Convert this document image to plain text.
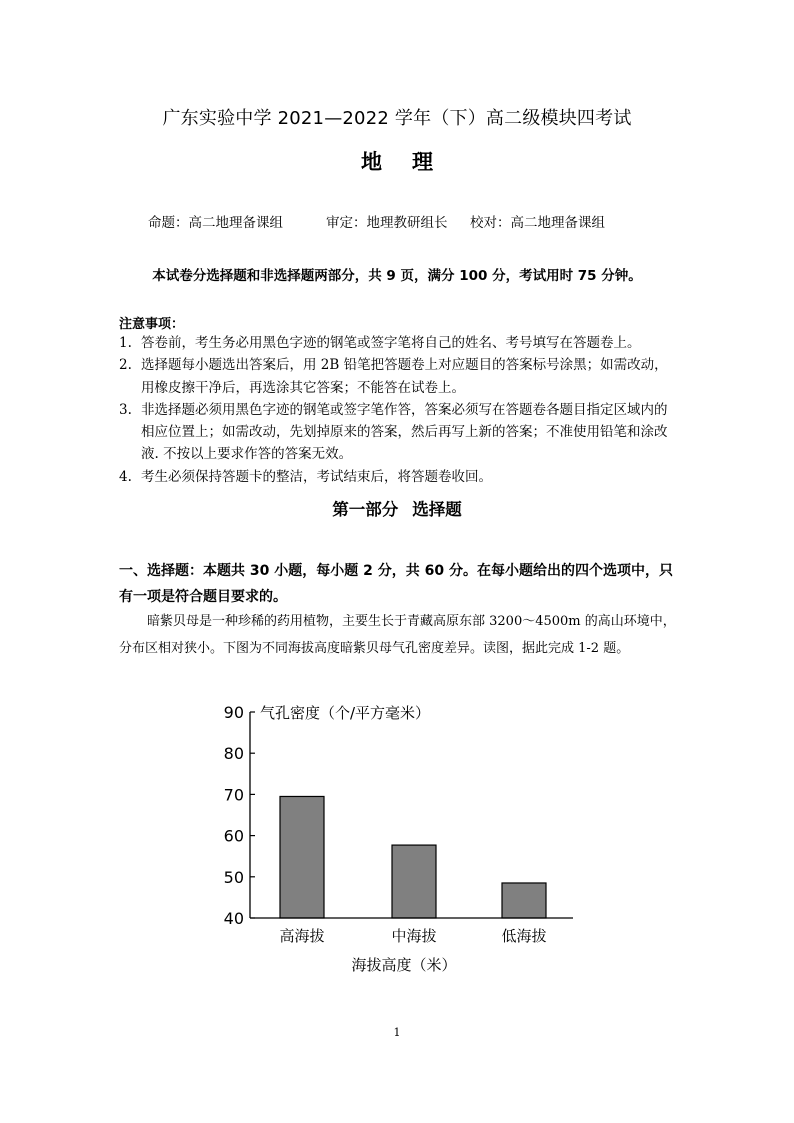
广东实验中学 2021—2022 学年（下）高二级模块四考试
地 理
命题：高二地理备课组	审定：地理教研组长 校对：高二地理备课组
本试卷分选择题和非选择题两部分，共 9 页，满分 100 分，考试用时 75 分钟。
注意事项：
1. 答卷前，考生务必用黑色字迹的钢笔或签字笔将自己的姓名、考号填写在答题卷上。
2. 选择题每小题选出答案后，用 2B 铅笔把答题卷上对应题目的答案标号涂黑；如需改动，用橡皮擦干净后，再选涂其它答案；不能答在试卷上。
3. 非选择题必须用黑色字迹的钢笔或签字笔作答，答案必须写在答题卷各题目指定区域内的相应位置上；如需改动，先划掉原来的答案，然后再写上新的答案；不准使用铅笔和涂改液. 不按以上要求作答的答案无效。
4. 考生必须保持答题卡的整洁，考试结束后，将答题卷收回。
第一部分 选择题
一、选择题：本题共 30 小题，每小题 2 分，共 60 分。在每小题给出的四个选项中，只有一项是符合题目要求的。
暗紫贝母是一种珍稀的药用植物，主要生长于青藏高原东部 3200～4500m 的高山环境中，分布区相对狭小。下图为不同海拔高度暗紫贝母气孔密度差异。读图，据此完成 1-2 题。
40
50
60
70
80
90
高海拔	中海拔	低海拔
气孔密度（个/平方毫米）
海拔高度（米）
1
